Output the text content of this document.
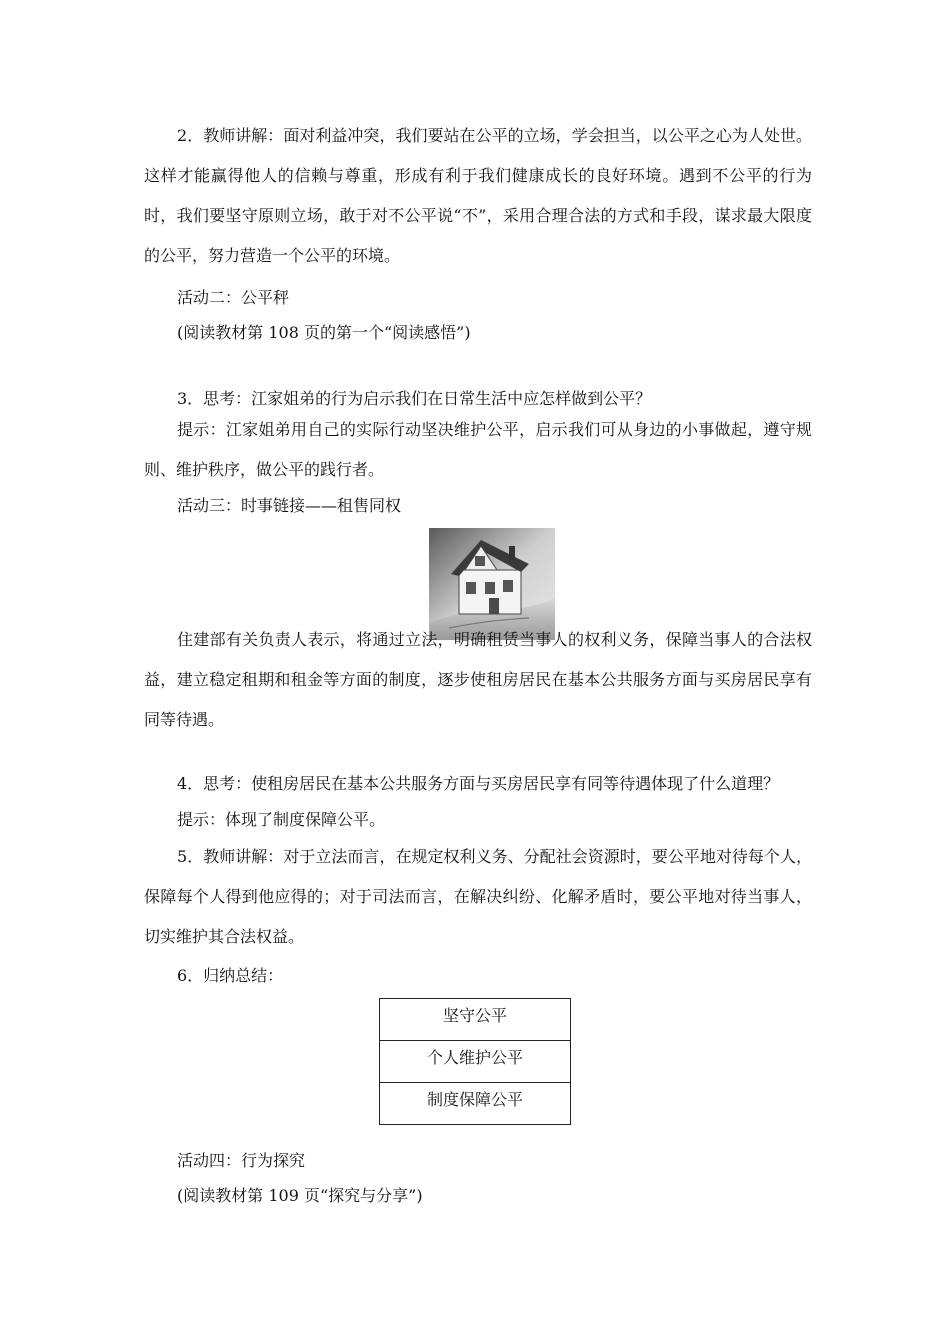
2．教师讲解：面对利益冲突，我们要站在公平的立场，学会担当，以公平之心为人处世。这样才能赢得他人的信赖与尊重，形成有利于我们健康成长的良好环境。遇到不公平的行为时，我们要坚守原则立场，敢于对不公平说“不”，采用合理合法的方式和手段，谋求最大限度的公平，努力营造一个公平的环境。

活动二：公平秤

(阅读教材第 108 页的第一个“阅读感悟”)

3．思考：江家姐弟的行为启示我们在日常生活中应怎样做到公平？

提示：江家姐弟用自己的实际行动坚决维护公平，启示我们可从身边的小事做起，遵守规则、维护秩序，做公平的践行者。

活动三：时事链接——租售同权

住建部有关负责人表示，将通过立法，明确租赁当事人的权利义务，保障当事人的合法权益，建立稳定租期和租金等方面的制度，逐步使租房居民在基本公共服务方面与买房居民享有同等待遇。

4．思考：使租房居民在基本公共服务方面与买房居民享有同等待遇体现了什么道理？

提示：体现了制度保障公平。

5．教师讲解：对于立法而言，在规定权利义务、分配社会资源时，要公平地对待每个人，保障每个人得到他应得的；对于司法而言，在解决纠纷、化解矛盾时，要公平地对待当事人，切实维护其合法权益。

6．归纳总结：

坚守公平
个人维护公平
制度保障公平

活动四：行为探究

(阅读教材第 109 页“探究与分享”)
